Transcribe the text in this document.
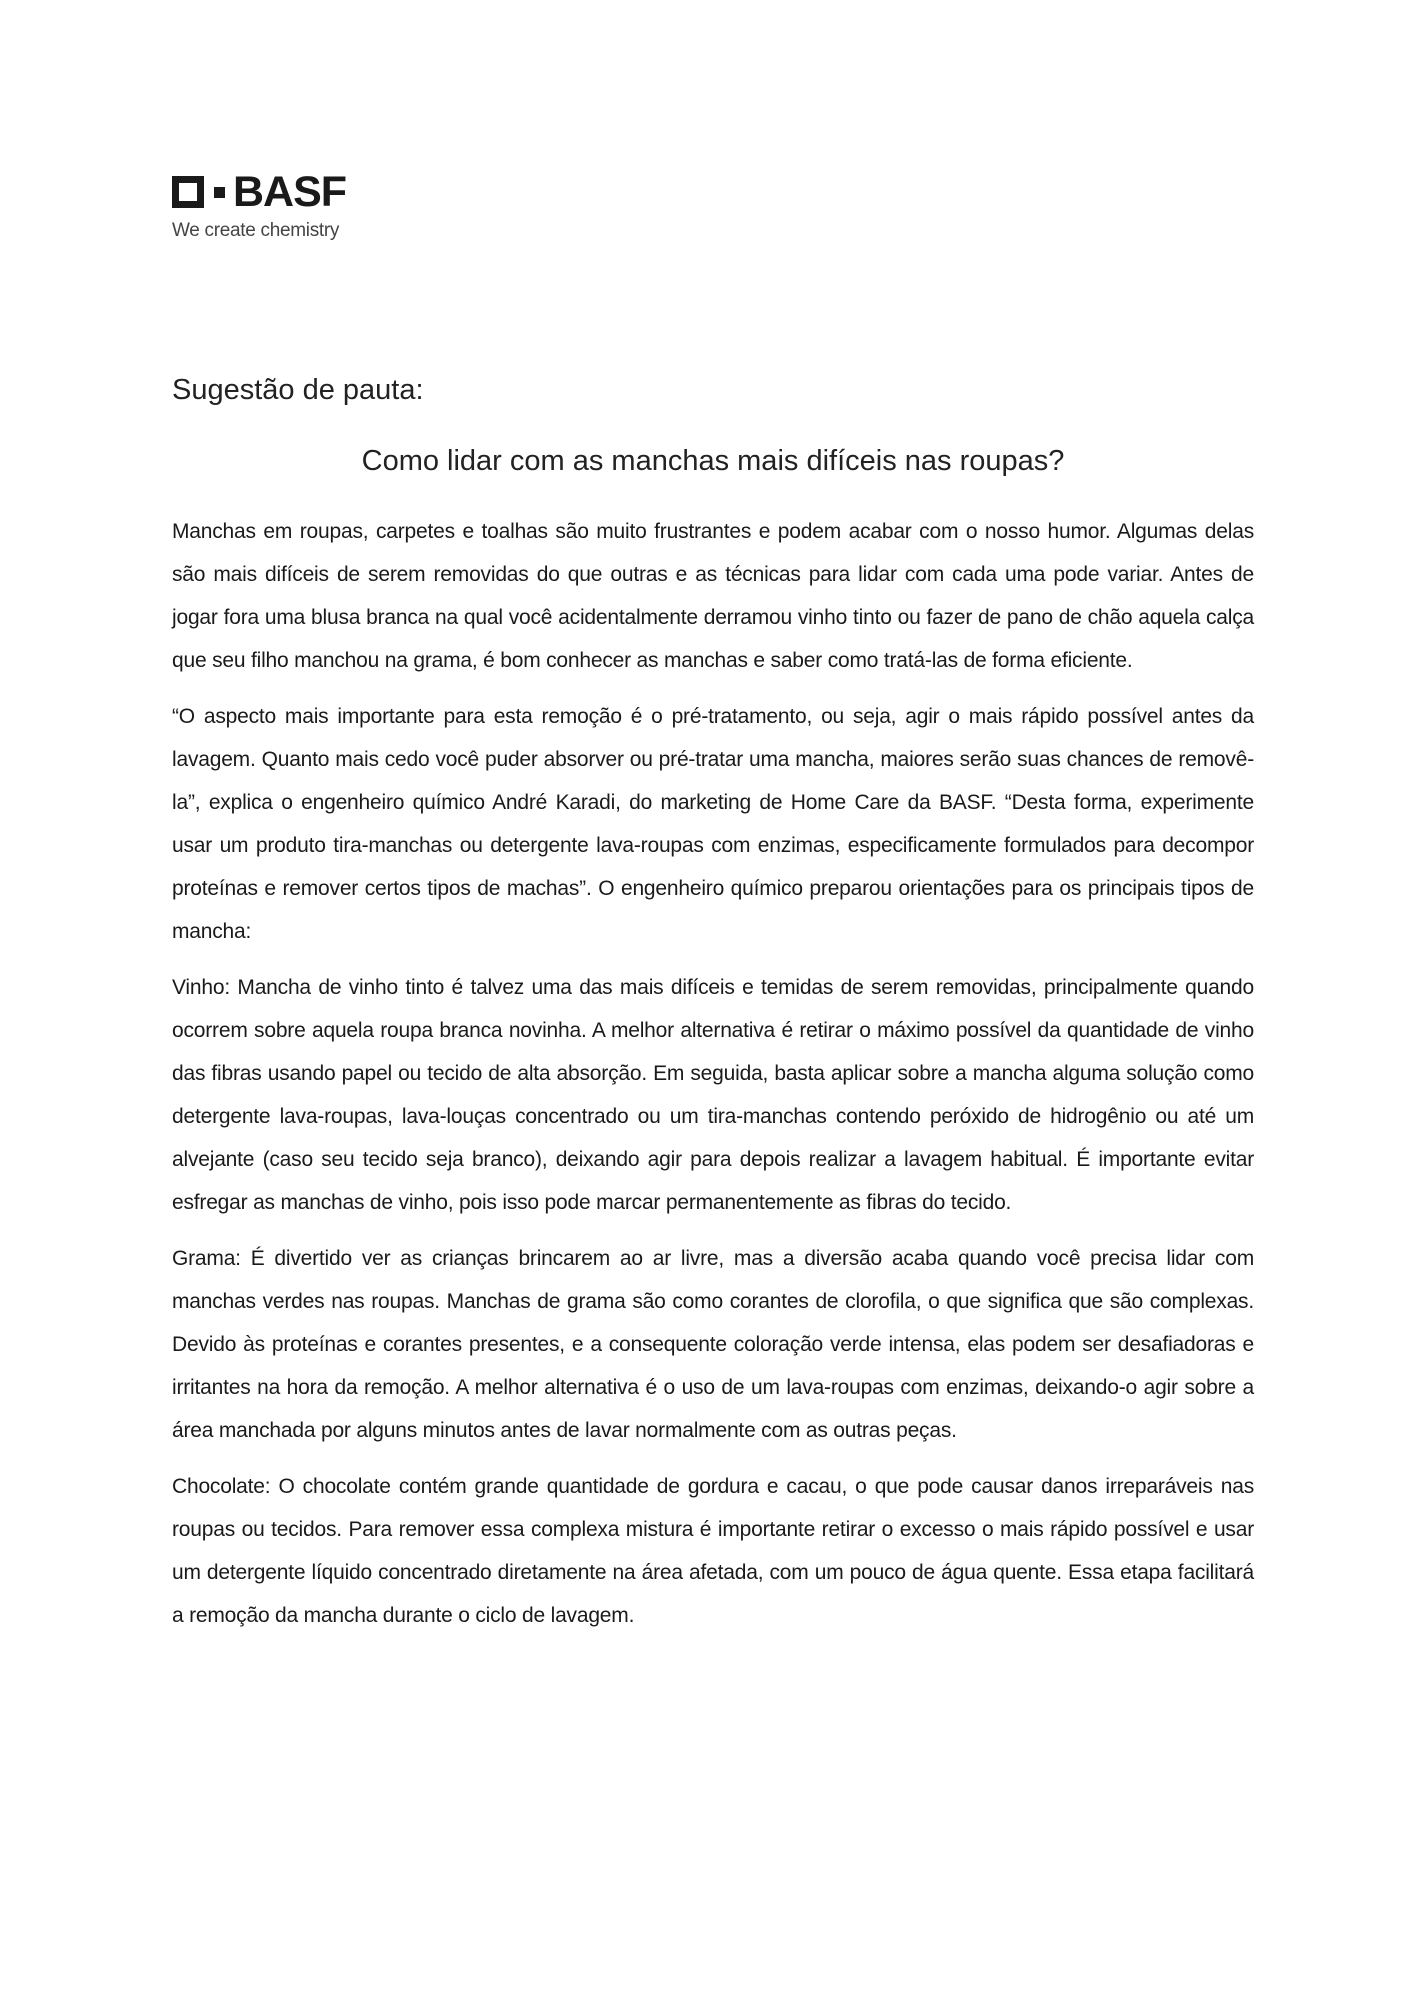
BASF
We create chemistry
Sugestão de pauta:
Como lidar com as manchas mais difíceis nas roupas?

Manchas em roupas, carpetes e toalhas são muito frustrantes e podem acabar com o nosso humor. Algumas delas são mais difíceis de serem removidas do que outras e as técnicas para lidar com cada uma pode variar. Antes de jogar fora uma blusa branca na qual você acidentalmente derramou vinho tinto ou fazer de pano de chão aquela calça que seu filho manchou na grama, é bom conhecer as manchas e saber como tratá-las de forma eficiente.

“O aspecto mais importante para esta remoção é o pré-tratamento, ou seja, agir o mais rápido possível antes da lavagem. Quanto mais cedo você puder absorver ou pré-tratar uma mancha, maiores serão suas chances de removê-la”, explica o engenheiro químico André Karadi, do marketing de Home Care da BASF. “Desta forma, experimente usar um produto tira-manchas ou detergente lava-roupas com enzimas, especificamente formulados para decompor proteínas e remover certos tipos de machas”. O engenheiro químico preparou orientações para os principais tipos de mancha:

Vinho: Mancha de vinho tinto é talvez uma das mais difíceis e temidas de serem removidas, principalmente quando ocorrem sobre aquela roupa branca novinha. A melhor alternativa é retirar o máximo possível da quantidade de vinho das fibras usando papel ou tecido de alta absorção. Em seguida, basta aplicar sobre a mancha alguma solução como detergente lava-roupas, lava-louças concentrado ou um tira-manchas contendo peróxido de hidrogênio ou até um alvejante (caso seu tecido seja branco), deixando agir para depois realizar a lavagem habitual. É importante evitar esfregar as manchas de vinho, pois isso pode marcar permanentemente as fibras do tecido.

Grama: É divertido ver as crianças brincarem ao ar livre, mas a diversão acaba quando você precisa lidar com manchas verdes nas roupas. Manchas de grama são como corantes de clorofila, o que significa que são complexas. Devido às proteínas e corantes presentes, e a consequente coloração verde intensa, elas podem ser desafiadoras e irritantes na hora da remoção. A melhor alternativa é o uso de um lava-roupas com enzimas, deixando-o agir sobre a área manchada por alguns minutos antes de lavar normalmente com as outras peças.

Chocolate: O chocolate contém grande quantidade de gordura e cacau, o que pode causar danos irreparáveis nas roupas ou tecidos. Para remover essa complexa mistura é importante retirar o excesso o mais rápido possível e usar um detergente líquido concentrado diretamente na área afetada, com um pouco de água quente. Essa etapa facilitará a remoção da mancha durante o ciclo de lavagem.
